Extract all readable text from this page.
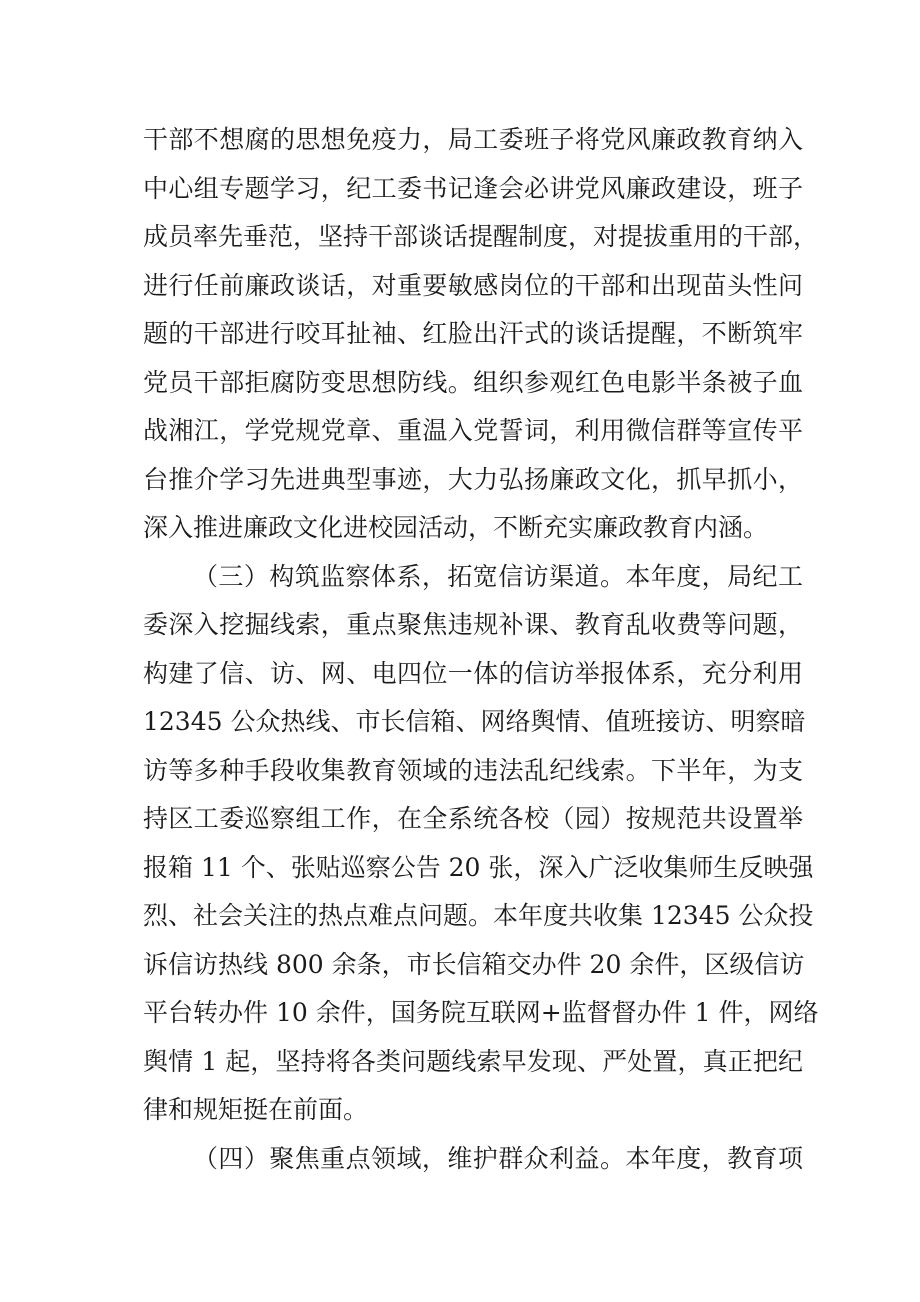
干部不想腐的思想免疫力，局工委班子将党风廉政教育纳入
中心组专题学习，纪工委书记逢会必讲党风廉政建设，班子
成员率先垂范，坚持干部谈话提醒制度，对提拔重用的干部，
进行任前廉政谈话，对重要敏感岗位的干部和出现苗头性问
题的干部进行咬耳扯袖、红脸出汗式的谈话提醒，不断筑牢
党员干部拒腐防变思想防线。组织参观红色电影半条被子血
战湘江，学党规党章、重温入党誓词，利用微信群等宣传平
台推介学习先进典型事迹，大力弘扬廉政文化，抓早抓小，
深入推进廉政文化进校园活动，不断充实廉政教育内涵。
（三）构筑监察体系，拓宽信访渠道。本年度，局纪工
委深入挖掘线索，重点聚焦违规补课、教育乱收费等问题，
构建了信、访、网、电四位一体的信访举报体系，充分利用
12345 公众热线、市长信箱、网络舆情、值班接访、明察暗
访等多种手段收集教育领域的违法乱纪线索。下半年，为支
持区工委巡察组工作，在全系统各校（园）按规范共设置举
报箱 11 个、张贴巡察公告 20 张，深入广泛收集师生反映强
烈、社会关注的热点难点问题。本年度共收集 12345 公众投
诉信访热线 800 余条，市长信箱交办件 20 余件，区级信访
平台转办件 10 余件，国务院互联网+监督督办件 1 件，网络
舆情 1 起，坚持将各类问题线索早发现、严处置，真正把纪
律和规矩挺在前面。
（四）聚焦重点领域，维护群众利益。本年度，教育项
